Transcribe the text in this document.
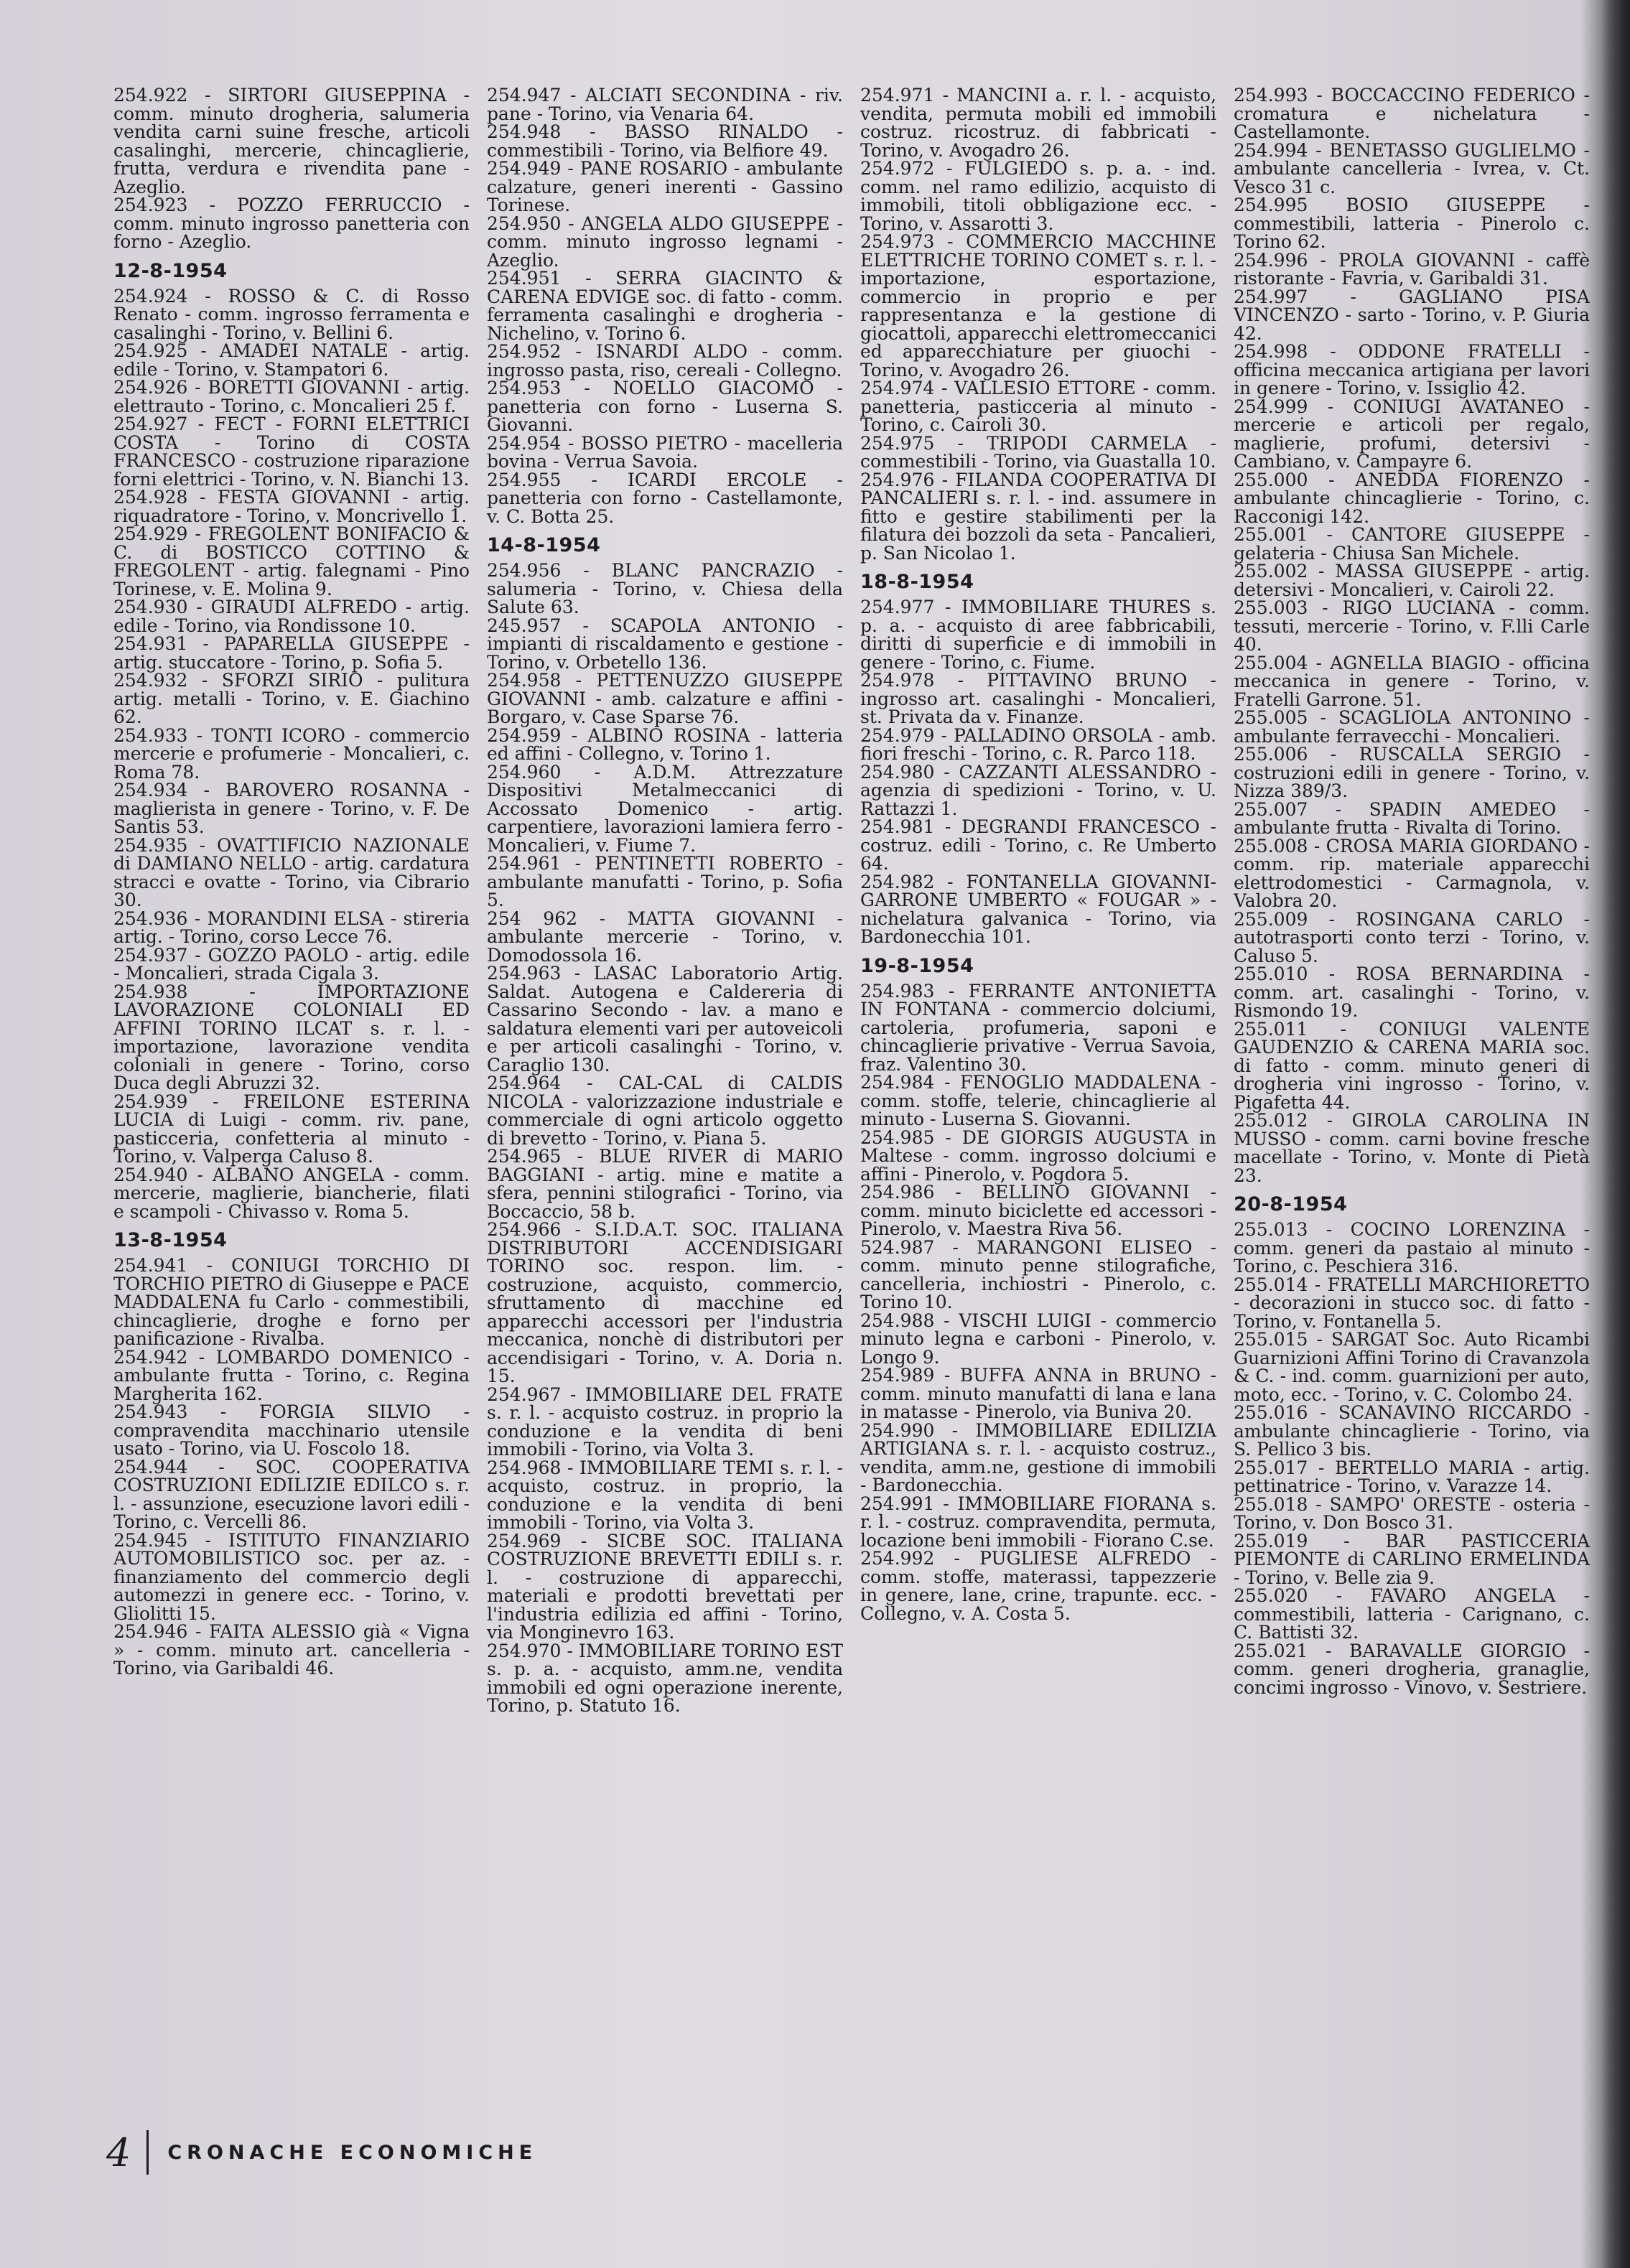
254.922 - SIRTORI GIUSEPPINA - comm. minuto drogheria, salumeria vendita carni suine fresche, articoli casalinghi, mercerie, chincaglierie, frutta, verdura e rivendita pane - Azeglio.
254.923 - POZZO FERRUCCIO - comm. minuto ingrosso panetteria con forno - Azeglio.
12-8-1954
254.924 - ROSSO & C. di Rosso Renato - comm. ingrosso ferramenta e casalinghi - Torino, v. Bellini 6.
254.925 - AMADEI NATALE - artig. edile - Torino, v. Stampatori 6.
254.926 - BORETTI GIOVANNI - artig. elettrauto - Torino, c. Moncalieri 25 f.
254.927 - FECT - FORNI ELETTRICI COSTA - Torino di COSTA FRANCESCO - costruzione riparazione forni elettrici - Torino, v. N. Bianchi 13.
254.928 - FESTA GIOVANNI - artig. riquadratore - Torino, v. Moncrivello 1.
254.929 - FREGOLENT BONIFACIO & C. di BOSTICCO COTTINO & FREGOLENT - artig. falegnami - Pino Torinese, v. E. Molina 9.
254.930 - GIRAUDI ALFREDO - artig. edile - Torino, via Rondissone 10.
254.931 - PAPARELLA GIUSEPPE - artig. stuccatore - Torino, p. Sofia 5.
254.932 - SFORZI SIRIO - pulitura artig. metalli - Torino, v. E. Giachino 62.
254.933 - TONTI ICORO - commercio mercerie e profumerie - Moncalieri, c. Roma 78.
254.934 - BAROVERO ROSANNA - maglierista in genere - Torino, v. F. De Santis 53.
254.935 - OVATTIFICIO NAZIONALE di DAMIANO NELLO - artig. cardatura stracci e ovatte - Torino, via Cibrario 30.
254.936 - MORANDINI ELSA - stireria artig. - Torino, corso Lecce 76.
254.937 - GOZZO PAOLO - artig. edile - Moncalieri, strada Cigala 3.
254.938 - IMPORTAZIONE LAVORAZIONE COLONIALI ED AFFINI TORINO ILCAT s. r. l. - importazione, lavorazione vendita coloniali in genere - Torino, corso Duca degli Abruzzi 32.
254.939 - FREILONE ESTERINA LUCIA di Luigi - comm. riv. pane, pasticceria, confetteria al minuto - Torino, v. Valperga Caluso 8.
254.940 - ALBANO ANGELA - comm. mercerie, maglierie, biancherie, filati e scampoli - Chivasso v. Roma 5.
13-8-1954
254.941 - CONIUGI TORCHIO DI TORCHIO PIETRO di Giuseppe e PACE MADDALENA fu Carlo - commestibili, chincaglierie, droghe e forno per panificazione - Rivalba.
254.942 - LOMBARDO DOMENICO - ambulante frutta - Torino, c. Regina Margherita 162.
254.943 - FORGIA SILVIO - compravendita macchinario utensile usato - Torino, via U. Foscolo 18.
254.944 - SOC. COOPERATIVA COSTRUZIONI EDILIZIE EDILCO s. r. l. - assunzione, esecuzione lavori edili - Torino, c. Vercelli 86.
254.945 - ISTITUTO FINANZIARIO AUTOMOBILISTICO soc. per az. - finanziamento del commercio degli automezzi in genere ecc. - Torino, v. Gliolitti 15.
254.946 - FAITA ALESSIO già « Vigna » - comm. minuto art. cancelleria - Torino, via Garibaldi 46.
254.947 - ALCIATI SECONDINA - riv. pane - Torino, via Venaria 64.
254.948 - BASSO RINALDO - commestibili - Torino, via Belfiore 49.
254.949 - PANE ROSARIO - ambulante calzature, generi inerenti - Gassino Torinese.
254.950 - ANGELA ALDO GIUSEPPE - comm. minuto ingrosso legnami - Azeglio.
254.951 - SERRA GIACINTO & CARENA EDVIGE soc. di fatto - comm. ferramenta casalinghi e drogheria - Nichelino, v. Torino 6.
254.952 - ISNARDI ALDO - comm. ingrosso pasta, riso, cereali - Collegno.
254.953 - NOELLO GIACOMO - panetteria con forno - Luserna S. Giovanni.
254.954 - BOSSO PIETRO - macelleria bovina - Verrua Savoia.
254.955 - ICARDI ERCOLE - panetteria con forno - Castellamonte, v. C. Botta 25.
14-8-1954
254.956 - BLANC PANCRAZIO - salumeria - Torino, v. Chiesa della Salute 63.
245.957 - SCAPOLA ANTONIO - impianti di riscaldamento e gestione - Torino, v. Orbetello 136.
254.958 - PETTENUZZO GIUSEPPE GIOVANNI - amb. calzature e affini - Borgaro, v. Case Sparse 76.
254.959 - ALBINO ROSINA - latteria ed affini - Collegno, v. Torino 1.
254.960 - A.D.M. Attrezzature Dispositivi Metalmeccanici di Accossato Domenico - artig. carpentiere, lavorazioni lamiera ferro - Moncalieri, v. Fiume 7.
254.961 - PENTINETTI ROBERTO - ambulante manufatti - Torino, p. Sofia 5.
254 962 - MATTA GIOVANNI - ambulante mercerie - Torino, v. Domodossola 16.
254.963 - LASAC Laboratorio Artig. Saldat. Autogena e Caldereria di Cassarino Secondo - lav. a mano e saldatura elementi vari per autoveicoli e per articoli casalinghi - Torino, v. Caraglio 130.
254.964 - CAL-CAL di CALDIS NICOLA - valorizzazione industriale e commerciale di ogni articolo oggetto di brevetto - Torino, v. Piana 5.
254.965 - BLUE RIVER di MARIO BAGGIANI - artig. mine e matite a sfera, pennini stilografici - Torino, via Boccaccio, 58 b.
254.966 - S.I.D.A.T. SOC. ITALIANA DISTRIBUTORI ACCENDISIGARI TORINO soc. respon. lim. - costruzione, acquisto, commercio, sfruttamento di macchine ed apparecchi accessori per l'industria meccanica, nonchè di distributori per accendisigari - Torino, v. A. Doria n. 15.
254.967 - IMMOBILIARE DEL FRATE s. r. l. - acquisto costruz. in proprio la conduzione e la vendita di beni immobili - Torino, via Volta 3.
254.968 - IMMOBILIARE TEMI s. r. l. - acquisto, costruz. in proprio, la conduzione e la vendita di beni immobili - Torino, via Volta 3.
254.969 - SICBE SOC. ITALIANA COSTRUZIONE BREVETTI EDILI s. r. l. - costruzione di apparecchi, materiali e prodotti brevettati per l'industria edilizia ed affini - Torino, via Monginevro 163.
254.970 - IMMOBILIARE TORINO EST s. p. a. - acquisto, amm.ne, vendita immobili ed ogni operazione inerente, Torino, p. Statuto 16.
254.971 - MANCINI a. r. l. - acquisto, vendita, permuta mobili ed immobili costruz. ricostruz. di fabbricati - Torino, v. Avogadro 26.
254.972 - FULGIEDO s. p. a. - ind. comm. nel ramo edilizio, acquisto di immobili, titoli obbligazione ecc. - Torino, v. Assarotti 3.
254.973 - COMMERCIO MACCHINE ELETTRICHE TORINO COMET s. r. l. - importazione, esportazione, commercio in proprio e per rappresentanza e la gestione di giocattoli, apparecchi elettromeccanici ed apparecchiature per giuochi - Torino, v. Avogadro 26.
254.974 - VALLESIO ETTORE - comm. panetteria, pasticceria al minuto - Torino, c. Cairoli 30.
254.975 - TRIPODI CARMELA - commestibili - Torino, via Guastalla 10.
254.976 - FILANDA COOPERATIVA DI PANCALIERI s. r. l. - ind. assumere in fitto e gestire stabilimenti per la filatura dei bozzoli da seta - Pancalieri, p. San Nicolao 1.
18-8-1954
254.977 - IMMOBILIARE THURES s. p. a. - acquisto di aree fabbricabili, diritti di superficie e di immobili in genere - Torino, c. Fiume.
254.978 - PITTAVINO BRUNO - ingrosso art. casalinghi - Moncalieri, st. Privata da v. Finanze.
254.979 - PALLADINO ORSOLA - amb. fiori freschi - Torino, c. R. Parco 118.
254.980 - CAZZANTI ALESSANDRO - agenzia di spedizioni - Torino, v. U. Rattazzi 1.
254.981 - DEGRANDI FRANCESCO - costruz. edili - Torino, c. Re Umberto 64.
254.982 - FONTANELLA GIOVANNI-GARRONE UMBERTO « FOUGAR » - nichelatura galvanica - Torino, via Bardonecchia 101.
19-8-1954
254.983 - FERRANTE ANTONIETTA IN FONTANA - commercio dolciumi, cartoleria, profumeria, saponi e chincaglierie privative - Verrua Savoia, fraz. Valentino 30.
254.984 - FENOGLIO MADDALENA - comm. stoffe, telerie, chincaglierie al minuto - Luserna S. Giovanni.
254.985 - DE GIORGIS AUGUSTA in Maltese - comm. ingrosso dolciumi e affini - Pinerolo, v. Pogdora 5.
254.986 - BELLINO GIOVANNI - comm. minuto biciclette ed accessori - Pinerolo, v. Maestra Riva 56.
524.987 - MARANGONI ELISEO - comm. minuto penne stilografiche, cancelleria, inchiostri - Pinerolo, c. Torino 10.
254.988 - VISCHI LUIGI - commercio minuto legna e carboni - Pinerolo, v. Longo 9.
254.989 - BUFFA ANNA in BRUNO - comm. minuto manufatti di lana e lana in matasse - Pinerolo, via Buniva 20.
254.990 - IMMOBILIARE EDILIZIA ARTIGIANA s. r. l. - acquisto costruz., vendita, amm.ne, gestione di immobili - Bardonecchia.
254.991 - IMMOBILIARE FIORANA s. r. l. - costruz. compravendita, permuta, locazione beni immobili - Fiorano C.se.
254.992 - PUGLIESE ALFREDO - comm. stoffe, materassi, tappezzerie in genere, lane, crine, trapunte. ecc. - Collegno, v. A. Costa 5.
254.993 - BOCCACCINO FEDERICO - cromatura e nichelatura - Castellamonte.
254.994 - BENETASSO GUGLIELMO - ambulante cancelleria - Ivrea, v. Ct. Vesco 31 c.
254.995 BOSIO GIUSEPPE - commestibili, latteria - Pinerolo c. Torino 62.
254.996 - PROLA GIOVANNI - caffè ristorante - Favria, v. Garibaldi 31.
254.997 - GAGLIANO PISA VINCENZO - sarto - Torino, v. P. Giuria 42.
254.998 - ODDONE FRATELLI - officina meccanica artigiana per lavori in genere - Torino, v. Issiglio 42.
254.999 - CONIUGI AVATANEO - mercerie e articoli per regalo, maglierie, profumi, detersivi - Cambiano, v. Campayre 6.
255.000 - ANEDDA FIORENZO - ambulante chincaglierie - Torino, c. Racconigi 142.
255.001 - CANTORE GIUSEPPE - gelateria - Chiusa San Michele.
255.002 - MASSA GIUSEPPE - artig. detersivi - Moncalieri, v. Cairoli 22.
255.003 - RIGO LUCIANA - comm. tessuti, mercerie - Torino, v. F.lli Carle 40.
255.004 - AGNELLA BIAGIO - officina meccanica in genere - Torino, v. Fratelli Garrone. 51.
255.005 - SCAGLIOLA ANTONINO - ambulante ferravecchi - Moncalieri.
255.006 - RUSCALLA SERGIO - costruzioni edili in genere - Torino, v. Nizza 389/3.
255.007 - SPADIN AMEDEO - ambulante frutta - Rivalta di Torino.
255.008 - CROSA MARIA GIORDANO - comm. rip. materiale apparecchi elettrodomestici - Carmagnola, v. Valobra 20.
255.009 - ROSINGANA CARLO - autotrasporti conto terzi - Torino, v. Caluso 5.
255.010 - ROSA BERNARDINA - comm. art. casalinghi - Torino, v. Rismondo 19.
255.011 - CONIUGI VALENTE GAUDENZIO & CARENA MARIA soc. di fatto - comm. minuto generi di drogheria vini ingrosso - Torino, v. Pigafetta 44.
255.012 - GIROLA CAROLINA IN MUSSO - comm. carni bovine fresche macellate - Torino, v. Monte di Pietà 23.
20-8-1954
255.013 - COCINO LORENZINA - comm. generi da pastaio al minuto - Torino, c. Peschiera 316.
255.014 - FRATELLI MARCHIORETTO - decorazioni in stucco soc. di fatto - Torino, v. Fontanella 5.
255.015 - SARGAT Soc. Auto Ricambi Guarnizioni Affini Torino di Cravanzola & C. - ind. comm. guarnizioni per auto, moto, ecc. - Torino, v. C. Colombo 24.
255.016 - SCANAVINO RICCARDO - ambulante chincaglierie - Torino, via S. Pellico 3 bis.
255.017 - BERTELLO MARIA - artig. pettinatrice - Torino, v. Varazze 14.
255.018 - SAMPO' ORESTE - osteria - Torino, v. Don Bosco 31.
255.019 - BAR PASTICCERIA PIEMONTE di CARLINO ERMELINDA - Torino, v. Belle zia 9.
255.020 - FAVARO ANGELA - commestibili, latteria - Carignano, c. C. Battisti 32.
255.021 - BARAVALLE GIORGIO - comm. generi drogheria, granaglie, concimi ingrosso - Vinovo, v. Sestriere.
4 CRONACHE ECONOMICHE
